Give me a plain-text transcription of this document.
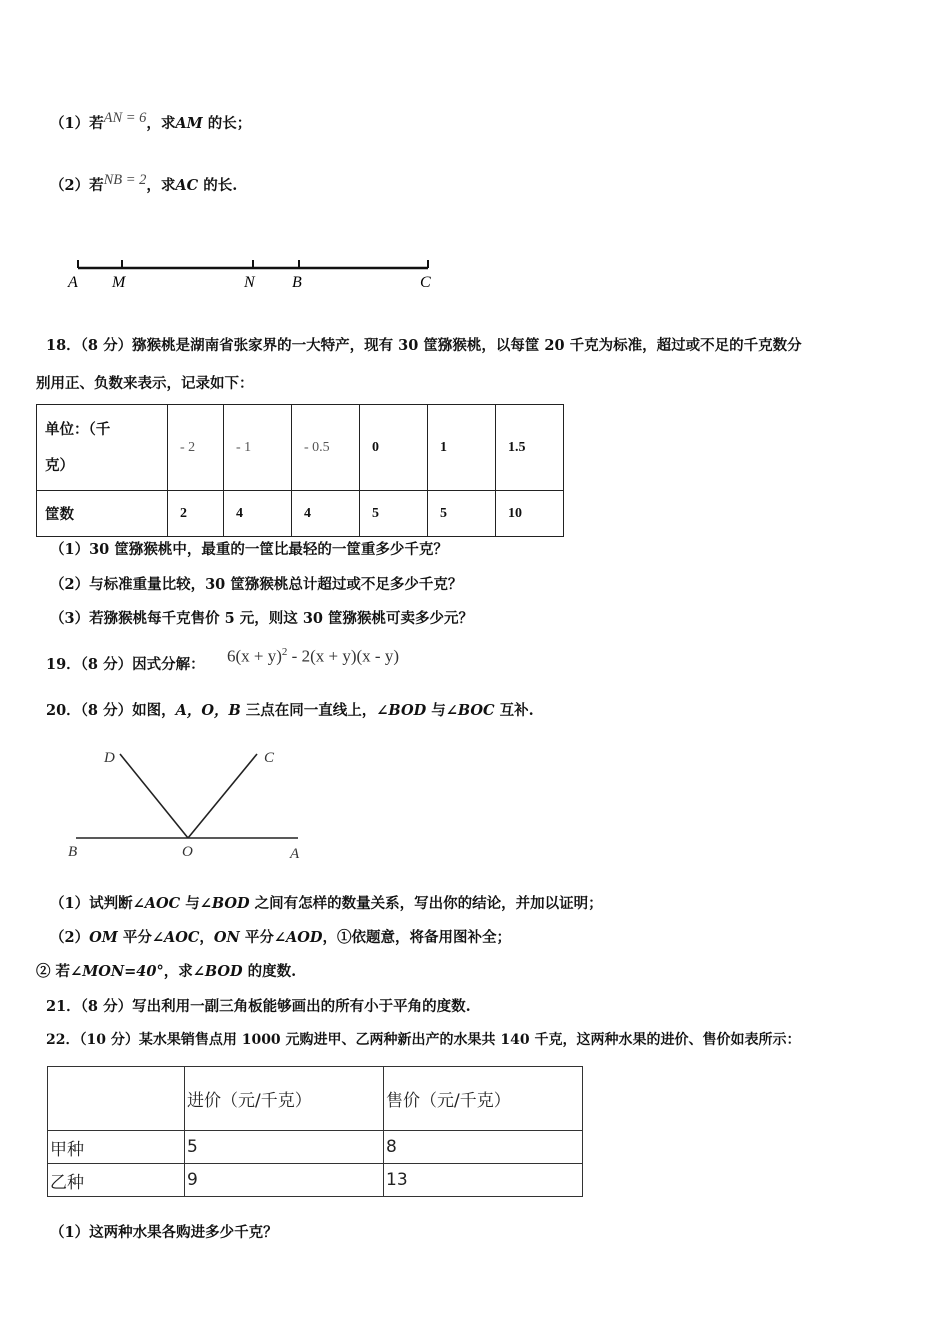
（1）若AN = 6，求AM 的长；
（2）若NB = 2，求AC 的长.
A M	N B	C
18．（8 分）猕猴桃是湖南省张家界的一大特产，现有 30 筐猕猴桃，以每筐 20 千克为标准，超过或不足的千克数分
别用正、负数来表示，记录如下：
单位：（千
克）	- 2	- 1	- 0.5	0	1	1.5
筐数	2	4	4	5	5	10
（1）30 筐猕猴桃中，最重的一筐比最轻的一筐重多少千克？
（2）与标准重量比较，30 筐猕猴桃总计超过或不足多少千克？
（3）若猕猴桃每千克售价 5 元，则这 30 筐猕猴桃可卖多少元？
19．（8 分）因式分解： $6(x + y)^2 - 2(x + y)(x - y)$
20．（8 分）如图，A，O，B 三点在同一直线上，∠BOD 与∠BOC 互补.
D	C
B	O	A
（1）试判断∠AOC 与∠BOD 之间有怎样的数量关系，写出你的结论，并加以证明；
（2）OM 平分∠AOC，ON 平分∠AOD，①依题意，将备用图补全；
② 若∠MON=40°，求∠BOD 的度数.
21．（8 分）写出利用一副三角板能够画出的所有小于平角的度数.
22．（10 分）某水果销售点用 1000 元购进甲、乙两种新出产的水果共 140 千克，这两种水果的进价、售价如表所示：
	进价（元/千克）	售价（元/千克）
甲种	5	8
乙种	9	13
（1）这两种水果各购进多少千克？
